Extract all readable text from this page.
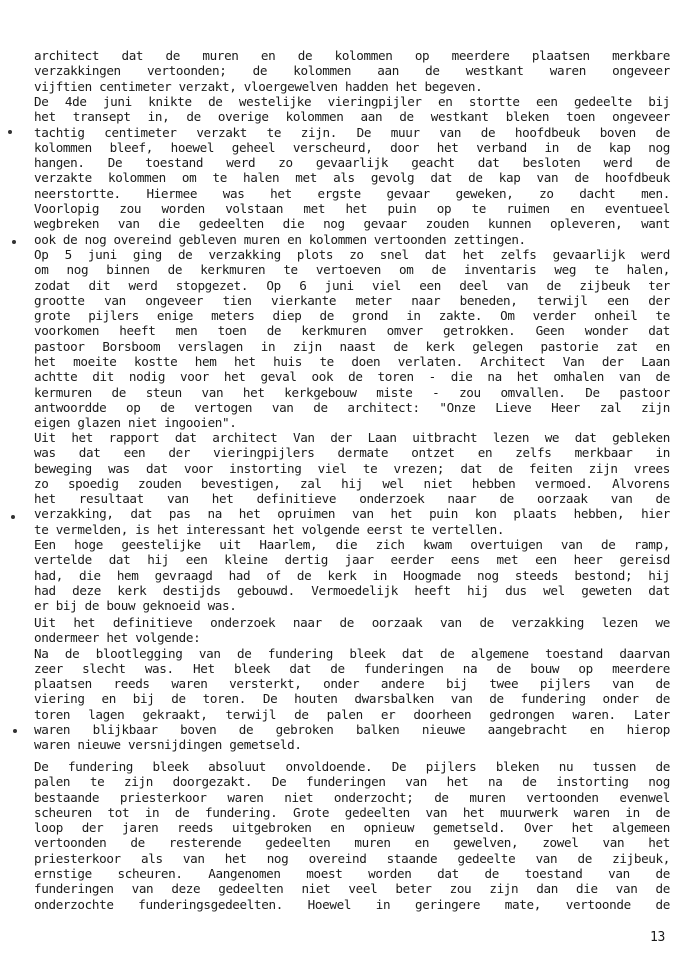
architect dat de muren en de kolommen op meerdere plaatsen merkbare
verzakkingen vertoonden; de kolommen aan de westkant waren ongeveer
vijftien centimeter verzakt, vloergewelven hadden het begeven.
De 4de juni knikte de westelijke vieringpijler en stortte een gedeelte bij
het transept in, de overige kolommen aan de westkant bleken toen ongeveer
tachtig centimeter verzakt te zijn. De muur van de hoofdbeuk boven de
kolommen bleef, hoewel geheel verscheurd, door het verband in de kap nog
hangen. De toestand werd zo gevaarlijk geacht dat besloten werd de
verzakte kolommen om te halen met als gevolg dat de kap van de hoofdbeuk
neerstortte. Hiermee was het ergste gevaar geweken, zo dacht men.
Voorlopig zou worden volstaan met het puin op te ruimen en eventueel
wegbreken van die gedeelten die nog gevaar zouden kunnen opleveren, want
ook de nog overeind gebleven muren en kolommen vertoonden zettingen.
Op 5 juni ging de verzakking plots zo snel dat het zelfs gevaarlijk werd
om nog binnen de kerkmuren te vertoeven om de inventaris weg te halen,
zodat dit werd stopgezet. Op 6 juni viel een deel van de zijbeuk ter
grootte van ongeveer tien vierkante meter naar beneden, terwijl een der
grote pijlers enige meters diep de grond in zakte. Om verder onheil te
voorkomen heeft men toen de kerkmuren omver getrokken. Geen wonder dat
pastoor Borsboom verslagen in zijn naast de kerk gelegen pastorie zat en
het moeite kostte hem het huis te doen verlaten. Architect Van der Laan
achtte dit nodig voor het geval ook de toren - die na het omhalen van de
kermuren de steun van het kerkgebouw miste - zou omvallen. De pastoor
antwoordde op de vertogen van de architect: "Onze Lieve Heer zal zijn
eigen glazen niet ingooien".
Uit het rapport dat architect Van der Laan uitbracht lezen we dat gebleken
was dat een der vieringpijlers dermate ontzet en zelfs merkbaar in
beweging was dat voor instorting viel te vrezen; dat de feiten zijn vrees
zo spoedig zouden bevestigen, zal hij wel niet hebben vermoed. Alvorens
het resultaat van het definitieve onderzoek naar de oorzaak van de
verzakking, dat pas na het opruimen van het puin kon plaats hebben, hier
te vermelden, is het interessant het volgende eerst te vertellen.
Een hoge geestelijke uit Haarlem, die zich kwam overtuigen van de ramp,
vertelde dat hij een kleine dertig jaar eerder eens met een heer gereisd
had, die hem gevraagd had of de kerk in Hoogmade nog steeds bestond; hij
had deze kerk destijds gebouwd. Vermoedelijk heeft hij dus wel geweten dat
er bij de bouw geknoeid was.
Uit het definitieve onderzoek naar de oorzaak van de verzakking lezen we
ondermeer het volgende:
Na de blootlegging van de fundering bleek dat de algemene toestand daarvan
zeer slecht was. Het bleek dat de funderingen na de bouw op meerdere
plaatsen reeds waren versterkt, onder andere bij twee pijlers van de
viering en bij de toren. De houten dwarsbalken van de fundering onder de
toren lagen gekraakt, terwijl de palen er doorheen gedrongen waren. Later
waren blijkbaar boven de gebroken balken nieuwe aangebracht en hierop
waren nieuwe versnijdingen gemetseld.
De fundering bleek absoluut onvoldoende. De pijlers bleken nu tussen de
palen te zijn doorgezakt. De funderingen van het na de instorting nog
bestaande priesterkoor waren niet onderzocht; de muren vertoonden evenwel
scheuren tot in de fundering. Grote gedeelten van het muurwerk waren in de
loop der jaren reeds uitgebroken en opnieuw gemetseld. Over het algemeen
vertoonden de resterende gedeelten muren en gewelven, zowel van het
priesterkoor als van het nog overeind staande gedeelte van de zijbeuk,
ernstige scheuren. Aangenomen moest worden dat de toestand van de
funderingen van deze gedeelten niet veel beter zou zijn dan die van de
onderzochte funderingsgedeelten. Hoewel in geringere mate, vertoonde de
13
